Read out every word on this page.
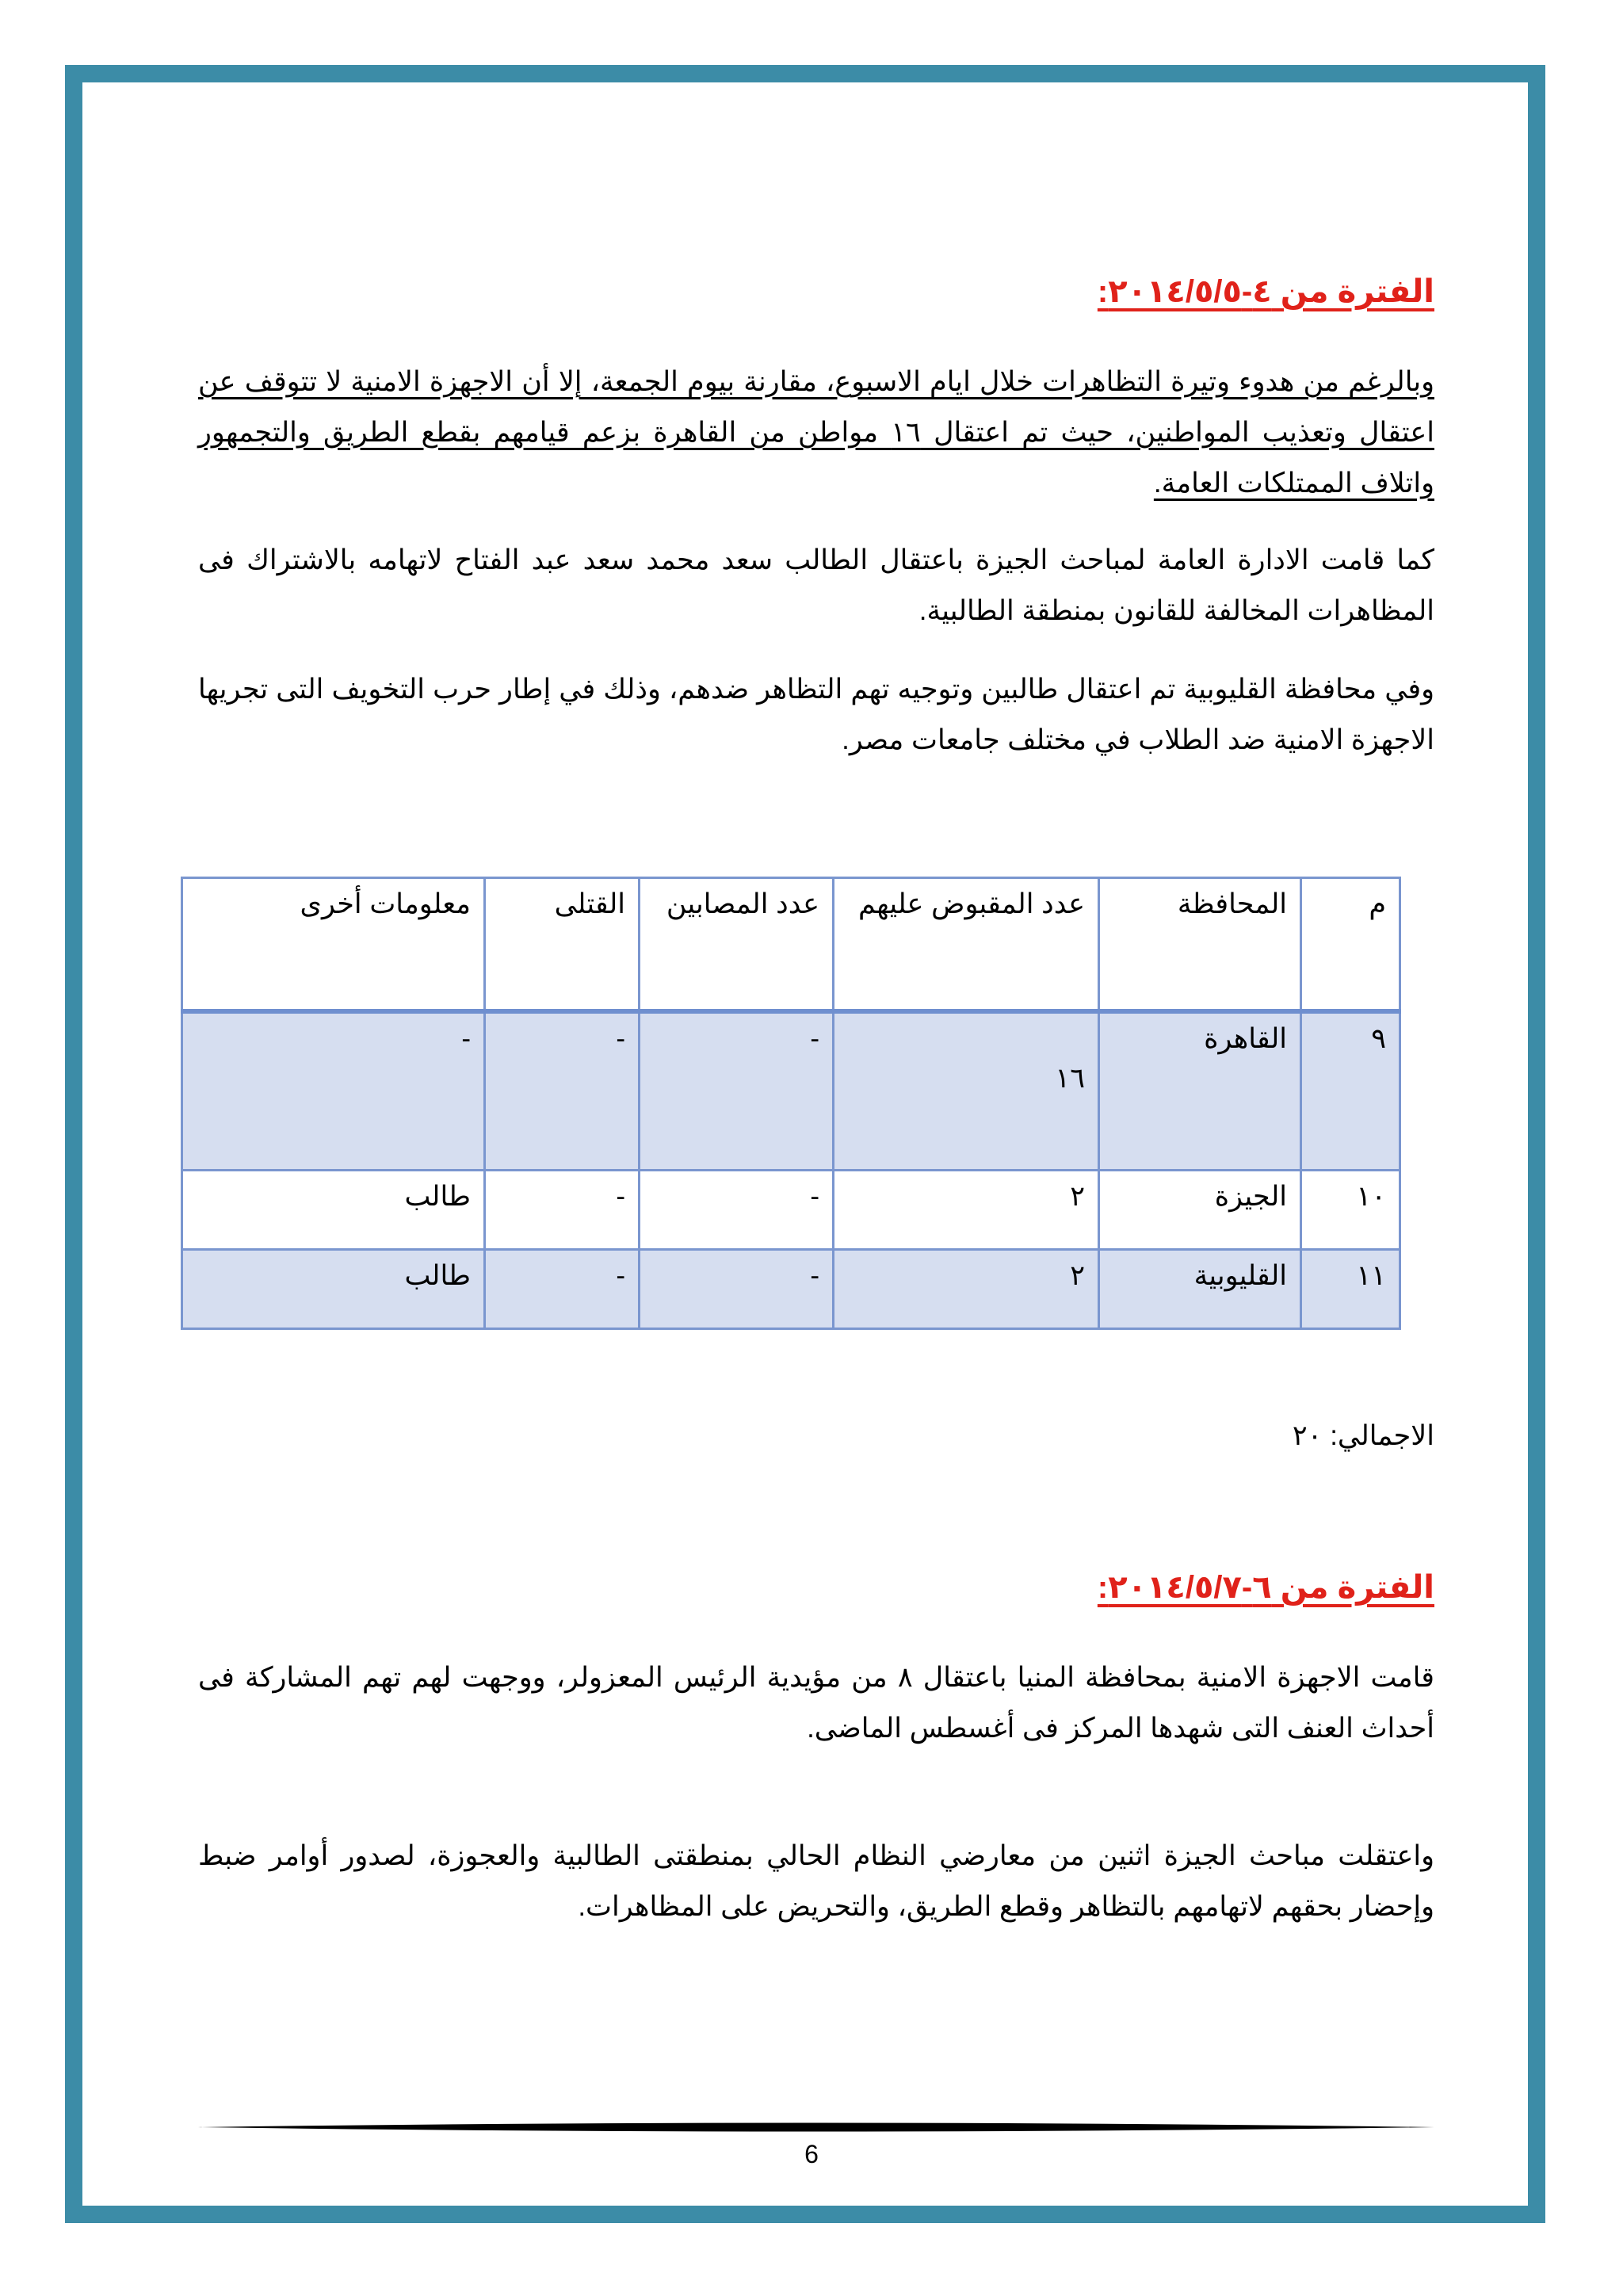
الفترة من ٤-٢٠١٤/٥/٥:
وبالرغم من هدوء وتيرة التظاهرات خلال ايام الاسبوع، مقارنة بيوم الجمعة، إلا أن الاجهزة الامنية لا تتوقف عن اعتقال وتعذيب المواطنين، حيث تم اعتقال ١٦ مواطن من القاهرة بزعم قيامهم بقطع الطريق والتجمهور واتلاف الممتلكات العامة.
كما قامت الادارة العامة لمباحث الجيزة باعتقال الطالب سعد محمد سعد عبد الفتاح لاتهامه بالاشتراك فى المظاهرات المخالفة للقانون بمنطقة الطالبية.
وفي محافظة القليوبية تم اعتقال طالبين وتوجيه تهم التظاهر ضدهم، وذلك في إطار حرب التخويف التى تجريها الاجهزة الامنية ضد الطلاب في مختلف جامعات مصر.
م	المحافظة	عدد المقبوض عليهم	عدد المصابين	القتلى	معلومات أخرى
٩	القاهرة	١٦	-	-	-
١٠	الجيزة	٢	-	-	طالب
١١	القليوبية	٢	-	-	طالب
الاجمالي: ٢٠
الفترة من ٦-٢٠١٤/٥/٧:
قامت الاجهزة الامنية بمحافظة المنيا باعتقال ٨ من مؤيدية الرئيس المعزولر، ووجهت لهم تهم المشاركة فى أحداث العنف التى شهدها المركز فى أغسطس الماضى.
واعتقلت مباحث الجيزة اثنين من معارضي النظام الحالي بمنطقتى الطالبية والعجوزة، لصدور أوامر ضبط وإحضار بحقهم لاتهامهم بالتظاهر وقطع الطريق، والتحريض على المظاهرات.
6
